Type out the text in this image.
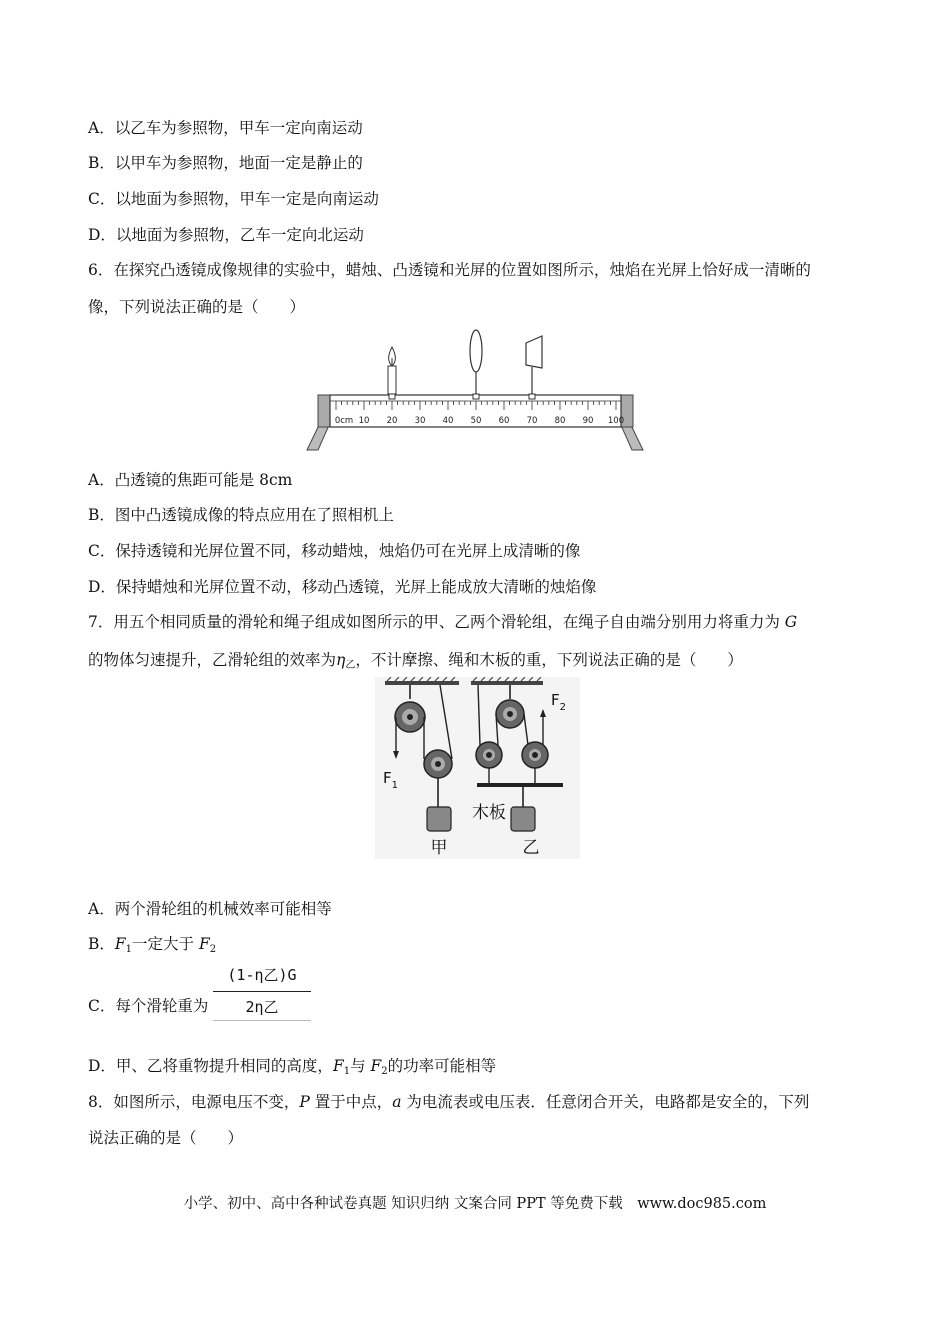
A．以乙车为参照物，甲车一定向南运动
B．以甲车为参照物，地面一定是静止的
C．以地面为参照物，甲车一定是向南运动
D．以地面为参照物，乙车一定向北运动
6．在探究凸透镜成像规律的实验中，蜡烛、凸透镜和光屏的位置如图所示，烛焰在光屏上恰好成一清晰的
像，下列说法正确的是（　　）
0cm 10 20 30 40 50 60 70 80 90 100
A．凸透镜的焦距可能是 8cm
B．图中凸透镜成像的特点应用在了照相机上
C．保持透镜和光屏位置不同，移动蜡烛，烛焰仍可在光屏上成清晰的像
D．保持蜡烛和光屏位置不动，移动凸透镜，光屏上能成放大清晰的烛焰像
7．用五个相同质量的滑轮和绳子组成如图所示的甲、乙两个滑轮组，在绳子自由端分别用力将重力为 G
的物体匀速提升，乙滑轮组的效率为$\eta_乙$，不计摩擦、绳和木板的重，下列说法正确的是（　　）
$F_1$
甲
$F_2$
木板
乙
A．两个滑轮组的机械效率可能相等
B．$F_1$一定大于 $F_2$
C．每个滑轮重为
(1-η乙)G
2η乙
D．甲、乙将重物提升相同的高度，$F_1$与 $F_2$的功率可能相等
8．如图所示，电源电压不变，P 置于中点，a 为电流表或电压表．任意闭合开关，电路都是安全的，下列
说法正确的是（　　）
小学、初中、高中各种试卷真题 知识归纳 文案合同 PPT 等免费下载　www.doc985.com
